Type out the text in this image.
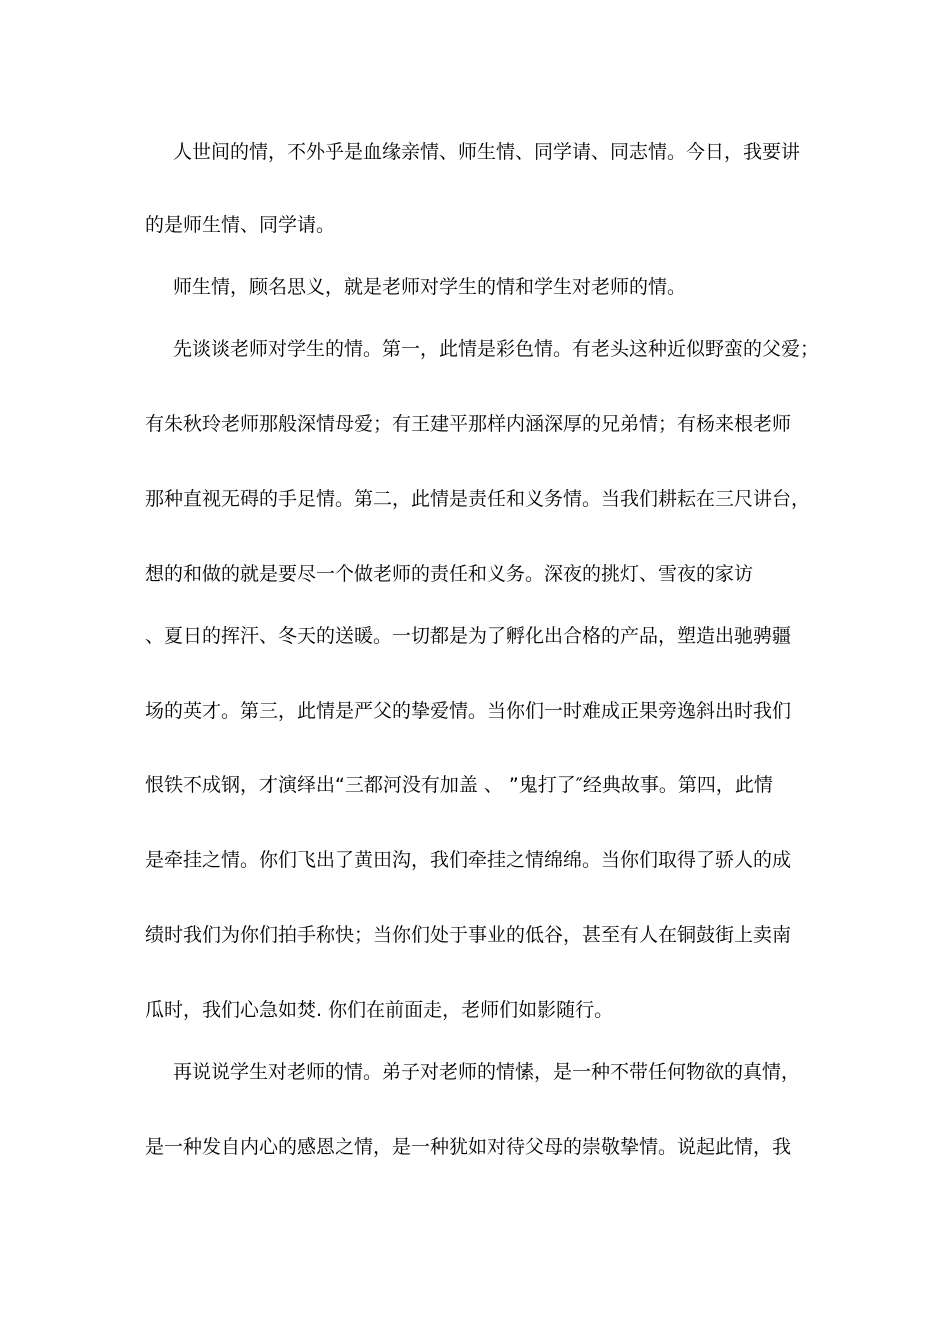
人世间的情，不外乎是血缘亲情、师生情、同学请、同志情。今日，我要讲
的是师生情、同学请。
师生情，顾名思义，就是老师对学生的情和学生对老师的情。
先谈谈老师对学生的情。第一，此情是彩色情。有老头这种近似野蛮的父爱；
有朱秋玲老师那般深情母爱；有王建平那样内涵深厚的兄弟情；有杨来根老师
那种直视无碍的手足情。第二，此情是责任和义务情。当我们耕耘在三尺讲台，
想的和做的就是要尽一个做老师的责任和义务。深夜的挑灯、雪夜的家访
、夏日的挥汗、冬天的送暖。一切都是为了孵化出合格的产品，塑造出驰骋疆
场的英才。第三，此情是严父的挚爱情。当你们一时难成正果旁逸斜出时我们
恨铁不成钢，才演绎出“三都河没有加盖 、 ”鬼打了″经典故事。第四，此情
是牵挂之情。你们飞出了黄田沟，我们牵挂之情绵绵。当你们取得了骄人的成
绩时我们为你们拍手称快；当你们处于事业的低谷，甚至有人在铜鼓街上卖南
瓜时，我们心急如焚. 你们在前面走，老师们如影随行。
再说说学生对老师的情。弟子对老师的情愫，是一种不带任何物欲的真情，
是一种发自内心的感恩之情，是一种犹如对待父母的崇敬挚情。说起此情，我
